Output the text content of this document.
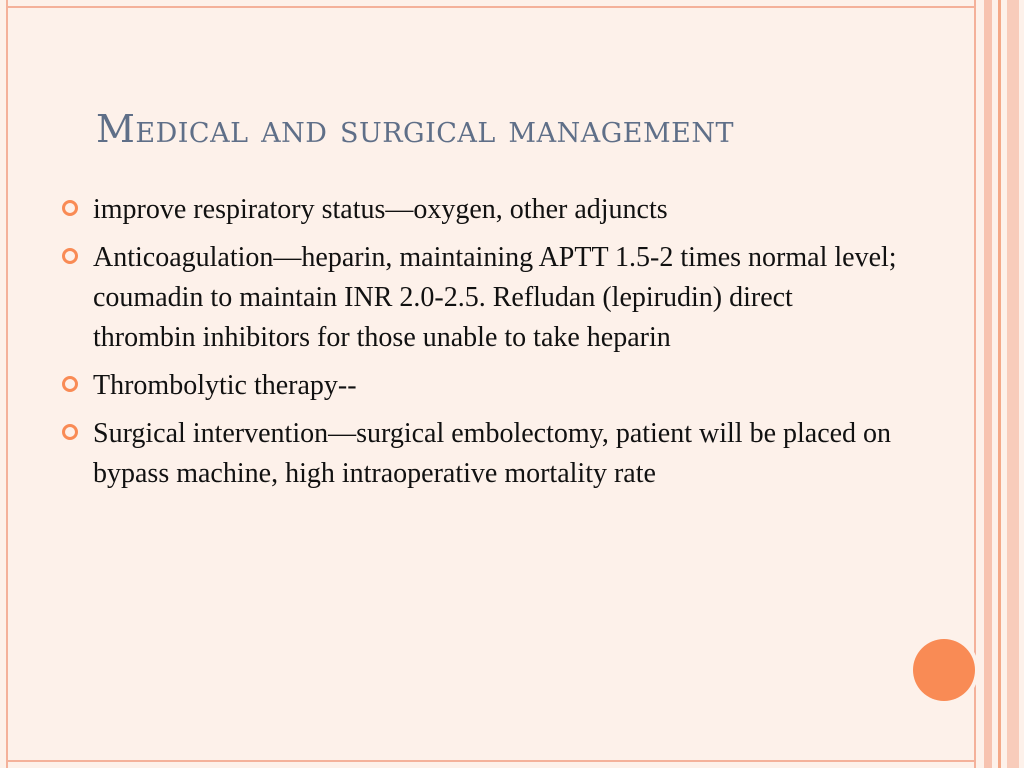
Medical and surgical management

improve respiratory status—oxygen, other adjuncts

Anticoagulation—heparin, maintaining APTT 1.5-2 times normal level; coumadin to maintain INR 2.0-2.5. Refludan (lepirudin) direct thrombin inhibitors for those unable to take heparin

Thrombolytic therapy--

Surgical intervention—surgical embolectomy, patient will be placed on bypass machine, high intraoperative mortality rate
